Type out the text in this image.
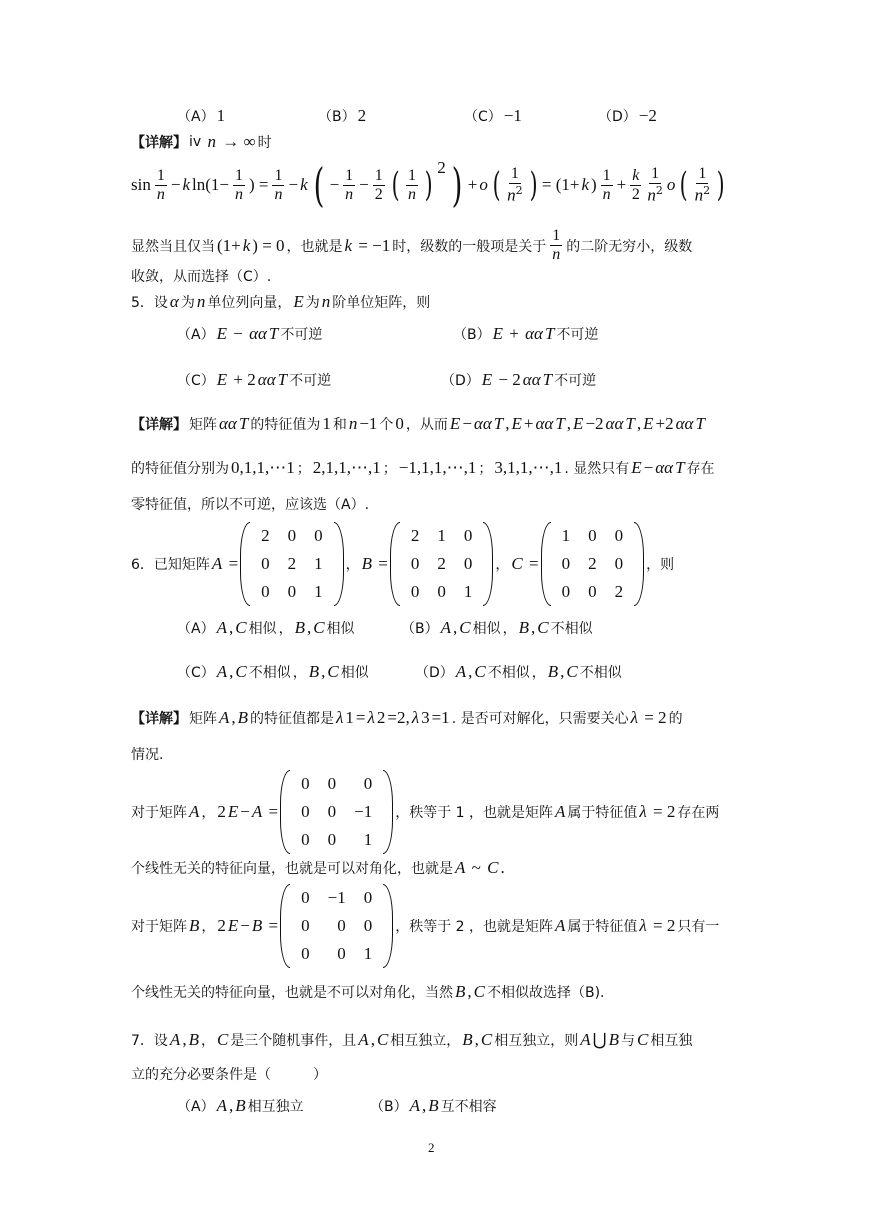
（A） 1	（B） 2	（C） −1	（D） −2
【详解】 iv n → ∞ 时
$\sin \frac{1}{n} - k$ $\ln(1- \frac{1}{n}$ ) = $\frac{1}{n} - k$ ( − $\frac{1}{n} - \frac{1}{2}$ ( $\frac{1}{n}$ ) 2 ) + o ( $\frac{1}{n^2}$ ) = (1+ k ) $\frac{1}{n} + \frac{k}{2} \frac{1}{n^2}$ o ( $\frac{1}{n^2}$ )
显然当且仅当 (1+ k ) = 0 ，也就是 k = −1 时，级数的一般项是关于 $\frac{1}{n}$ 的二阶无穷小，级数
收敛，从而选择（C）.
5．设 α 为 n 单位列向量， E 为 n 阶单位矩阵，则
（A） E − αα T 不可逆	（B） E + αα T 不可逆
（C） E + 2 αα T 不可逆	（D） E − 2 αα T 不可逆
【详解】 矩阵 αα T 的特征值为 1 和 n −1 个 0 ，从而 E − αα T , E + αα T , E −2 αα T , E +2 αα T
的特征值分别为 0,1,1,⋯1 ； 2,1,1,⋯,1 ； −1,1,1,⋯,1 ； 3,1,1,⋯,1 . 显然只有 E − αα T 存在
零特征值，所以不可逆，应该选（A）.
6．已知矩阵 A =
2	0	0
0	2	1
0	0	1
， B =
2	1	0
0	2	0
0	0	1
， C =
1	0	0
0	2	0
0	0	2
，则
（A） A , C 相似 ， B , C 相似	（B） A , C 相似 ， B , C 不相似
（C） A , C 不相似 ， B , C 相似	（D） A , C 不相似 ， B , C 不相似
【详解】 矩阵 A , B 的特征值都是 λ 1 = λ 2 =2, λ 3 =1 . 是否可对解化，只需要关心 λ = 2 的
情况.
对于矩阵 A ， 2 E − A =
0	0	0
0	0	−1
0	0	1
，秩等于 1 ，也就是矩阵 A 属于特征值 λ = 2 存在两
个线性无关的特征向量，也就是可以对角化，也就是 A ~ C .
对于矩阵 B ， 2 E − B =
0	−1	0
0	0	0
0	0	1
，秩等于 2 ，也就是矩阵 A 属于特征值 λ = 2 只有一
个线性无关的特征向量，也就是不可以对角化，当然 B , C 不相似故选择（B).
7．设 A , B ， C 是三个随机事件，且 A , C 相互独立， B , C 相互独立，则 A ⋃ B 与 C 相互独
立的充分必要条件是（　　　）
（A） A , B 相互独立	（B） A , B 互不相容
2
